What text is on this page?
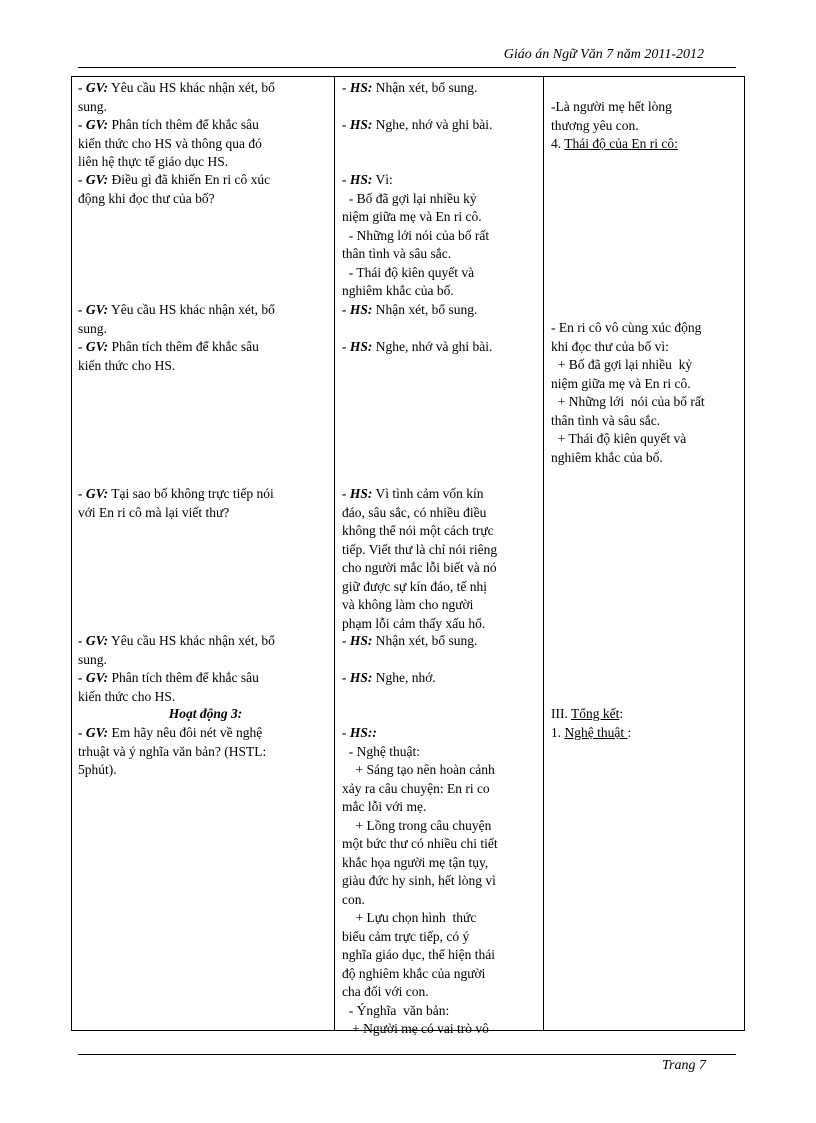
Giáo án Ngữ Văn 7 năm 2011-2012
- GV: Yêu cầu HS khác nhận xét, bổ
sung.
- GV: Phân tích thêm để khắc sâu
kiến thức cho HS và thông qua đó
liên hệ thực tế giáo dục HS.
- GV: Điều gì đã khiến En ri cô xúc
động khi đọc thư của bố?
- GV: Yêu cầu HS khác nhận xét, bổ
sung.
- GV: Phân tích thêm để khắc sâu
kiến thức cho HS.
- GV: Tại sao bố không trực tiếp nói
với En ri cô mà lại viết thư?
- GV: Yêu cầu HS khác nhận xét, bổ
sung.
- GV: Phân tích thêm để khắc sâu
kiến thức cho HS.
Hoạt động 3:
- GV: Em hãy nêu đôi nét về nghệ
trhuật và ý nghĩa văn bản? (HSTL:
5phút).
- HS: Nhận xét, bổ sung.
- HS: Nghe, nhớ và ghi bài.
- HS: Vì:
- Bố đã gợi lại nhiều kỷ
niệm giữa mẹ và En ri cô.
- Những lới nói của bố rất
thân tình và sâu sắc.
- Thái độ kiên quyết và
nghiêm khắc của bố.
- HS: Nhận xét, bổ sung.
- HS: Nghe, nhớ và ghi bài.
- HS: Vì tình cảm vốn kín
đáo, sâu sắc, có nhiều điều
không thể nói một cách trực
tiếp. Viết thư là chỉ nói riêng
cho người mắc lỗi biết và nó
giữ được sự kín đáo, tế nhị
và không làm cho người
phạm lỗi cảm thấy xấu hổ.
- HS: Nhận xét, bổ sung.
- HS: Nghe, nhớ.
- HS::
- Nghệ thuật:
+ Sáng tạo nên hoàn cảnh
xảy ra câu chuyện: En ri co
mắc lỗi với mẹ.
+ Lồng trong câu chuyện
một bức thư có nhiều chi tiết
khắc họa người mẹ tận tụy,
giàu đức hy sinh, hết lòng vì
con.
+ Lựu chọn hình  thức
biểu cảm trực tiếp, có ý
nghĩa giáo dục, thể hiện thái
độ nghiêm khắc của người
cha đối với con.
- Ýnghĩa  văn bản:
+ Người mẹ có vai trò vô
-Là người mẹ hết lòng
thương yêu con.
4. Thái độ của En ri cô:
- En ri cô vô cùng xúc động
khi đọc thư của bố vì:
+ Bố đã gợi lại nhiều  kỷ
niệm giữa mẹ và En ri cô.
+ Những lới  nói của bố rất
thân tình và sâu sắc.
+ Thái độ kiên quyết và
nghiêm khắc của bố.
III. Tổng kết:
1. Nghệ thuật :
Trang 7
